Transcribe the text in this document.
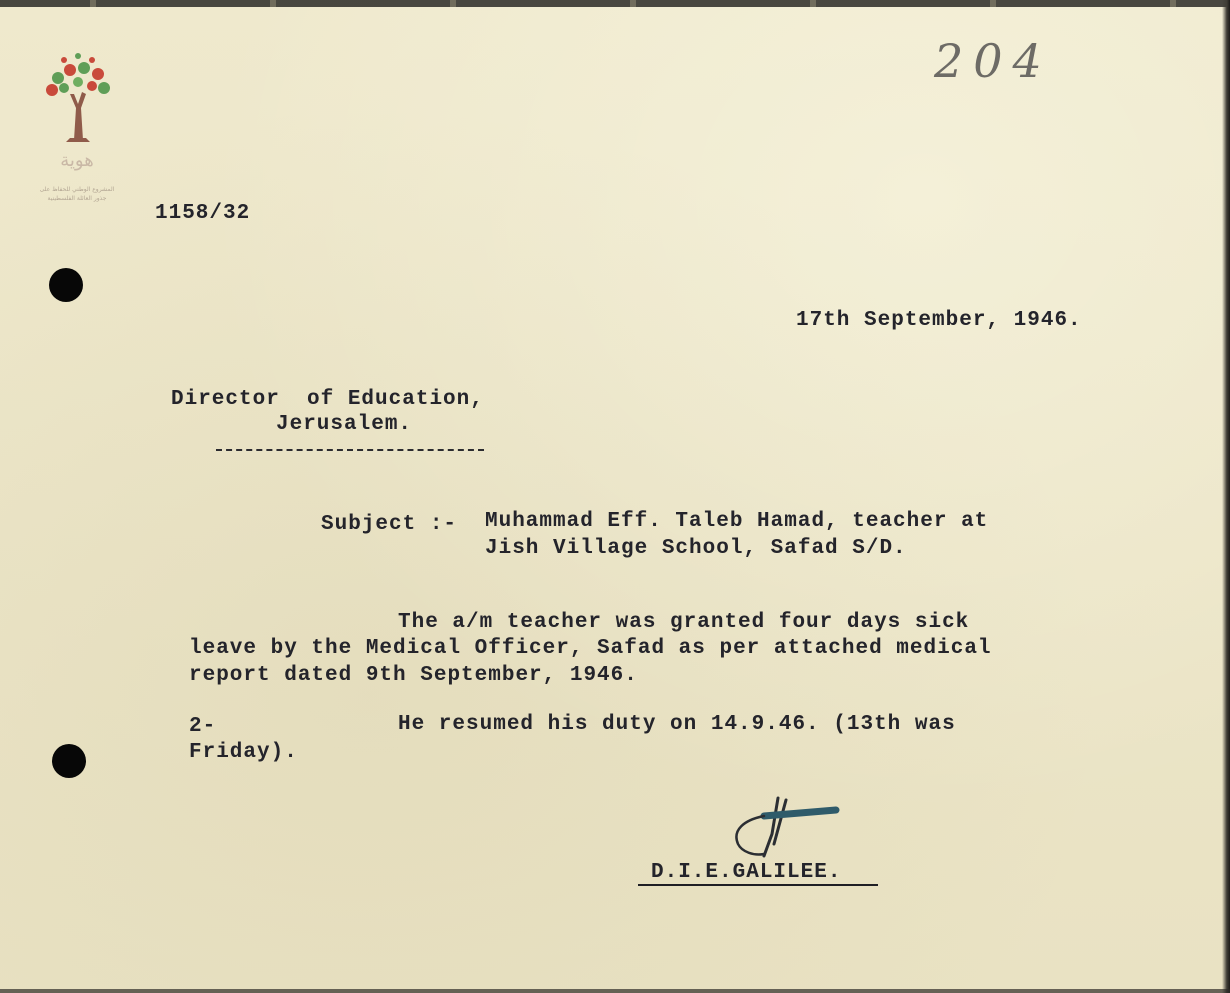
هوية
المشروع الوطني للحفاظ على
جذور العائلة الفلسطينية
204
1158/32
17th September, 1946.
Director  of Education,
Jerusalem.
Subject :- Muhammad Eff. Taleb Hamad, teacher at
Jish Village School, Safad S/D.
The a/m teacher was granted four days sick
leave by the Medical Officer, Safad as per attached medical
report dated 9th September, 1946.
2-	He resumed his duty on 14.9.46. (13th was
Friday).
D.I.E.GALILEE.
